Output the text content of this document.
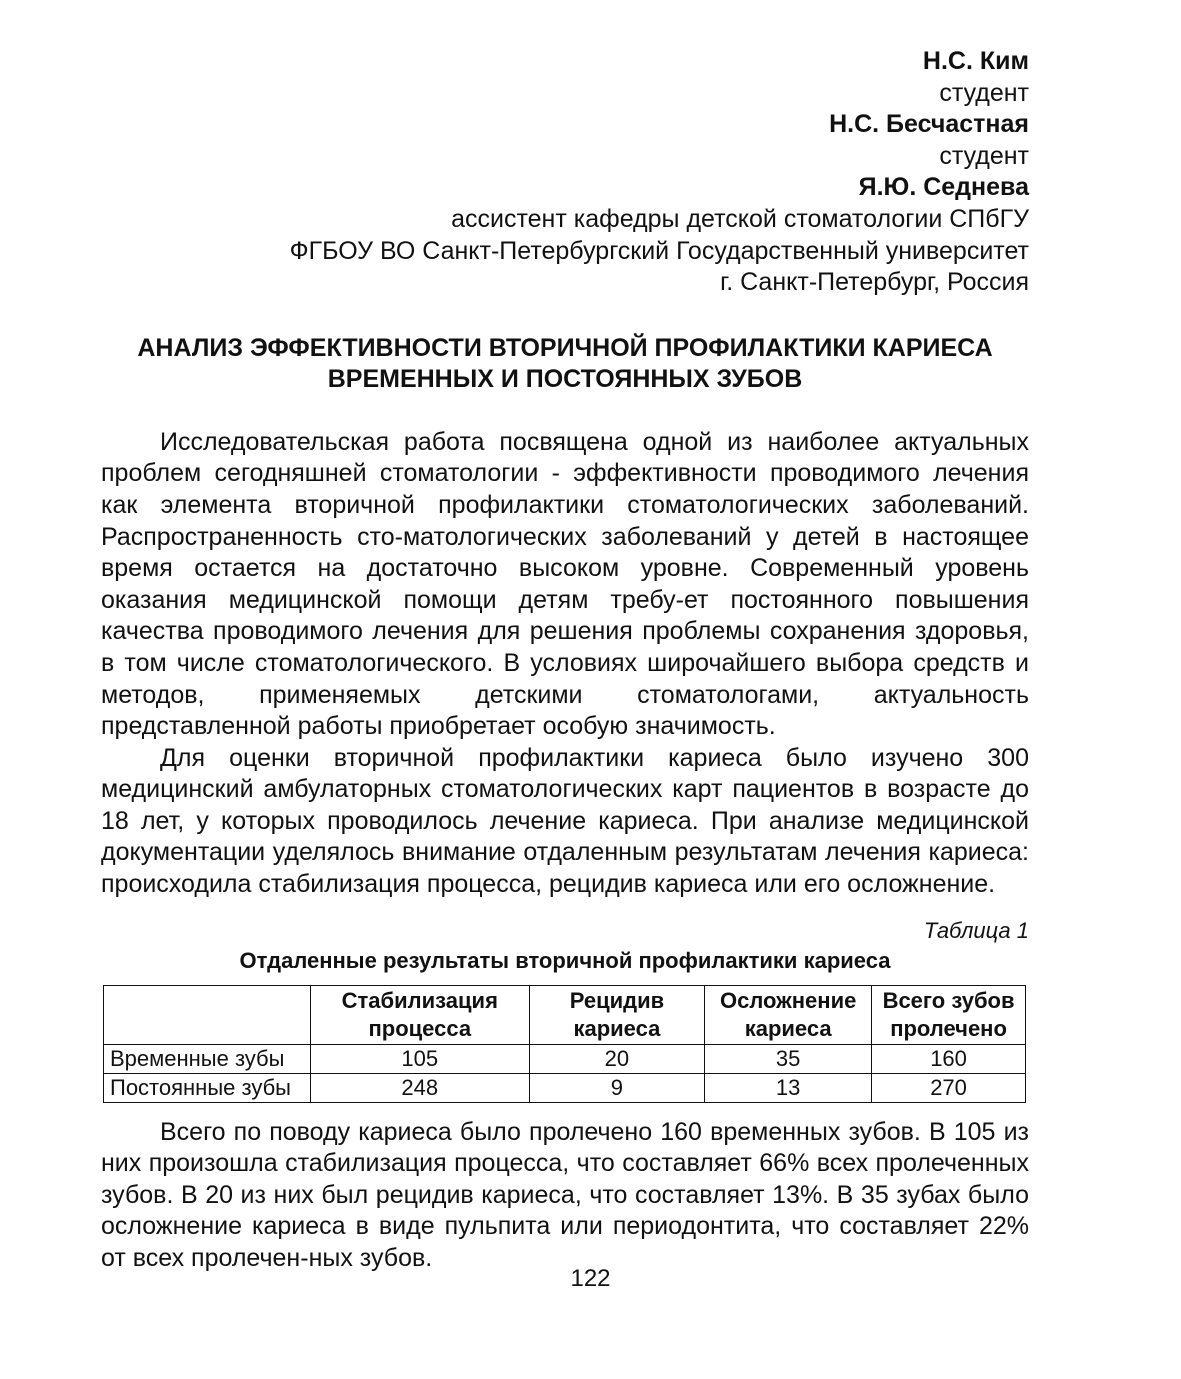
Н.С. Ким
студент
Н.С. Бесчастная
студент
Я.Ю. Седнева
ассистент кафедры детской стоматологии СПбГУ
ФГБОУ ВО Санкт-Петербургский Государственный университет
г. Санкт-Петербург, Россия
АНАЛИЗ ЭФФЕКТИВНОСТИ ВТОРИЧНОЙ ПРОФИЛАКТИКИ КАРИЕСА
ВРЕМЕННЫХ И ПОСТОЯННЫХ ЗУБОВ

Исследовательская работа посвящена одной из наиболее актуальных проблем сегодняшней стоматологии - эффективности проводимого лечения как элемента вторичной профилактики стоматологических заболеваний. Распространенность сто-матологических заболеваний у детей в настоящее время остается на достаточно высоком уровне. Современный уровень оказания медицинской помощи детям требу-ет постоянного повышения качества проводимого лечения для решения проблемы сохранения здоровья, в том числе стоматологического. В условиях широчайшего выбора средств и методов, применяемых детскими стоматологами, актуальность представленной работы приобретает особую значимость.

Для оценки вторичной профилактики кариеса было изучено 300 медицинский амбулаторных стоматологических карт пациентов в возрасте до 18 лет, у которых проводилось лечение кариеса. При анализе медицинской документации уделялось внимание отдаленным результатам лечения кариеса: происходила стабилизация процесса, рецидив кариеса или его осложнение.

Таблица 1
Отдаленные результаты вторичной профилактики кариеса
	Стабилизация процесса	Рецидив кариеса	Осложнение кариеса	Всего зубов пролечено
Временные зубы	105	20	35	160
Постоянные зубы	248	9	13	270

Всего по поводу кариеса было пролечено 160 временных зубов. В 105 из них произошла стабилизация процесса, что составляет 66% всех пролеченных зубов. В 20 из них был рецидив кариеса, что составляет 13%. В 35 зубах было осложнение кариеса в виде пульпита или периодонтита, что составляет 22% от всех пролечен-ных зубов.

122
